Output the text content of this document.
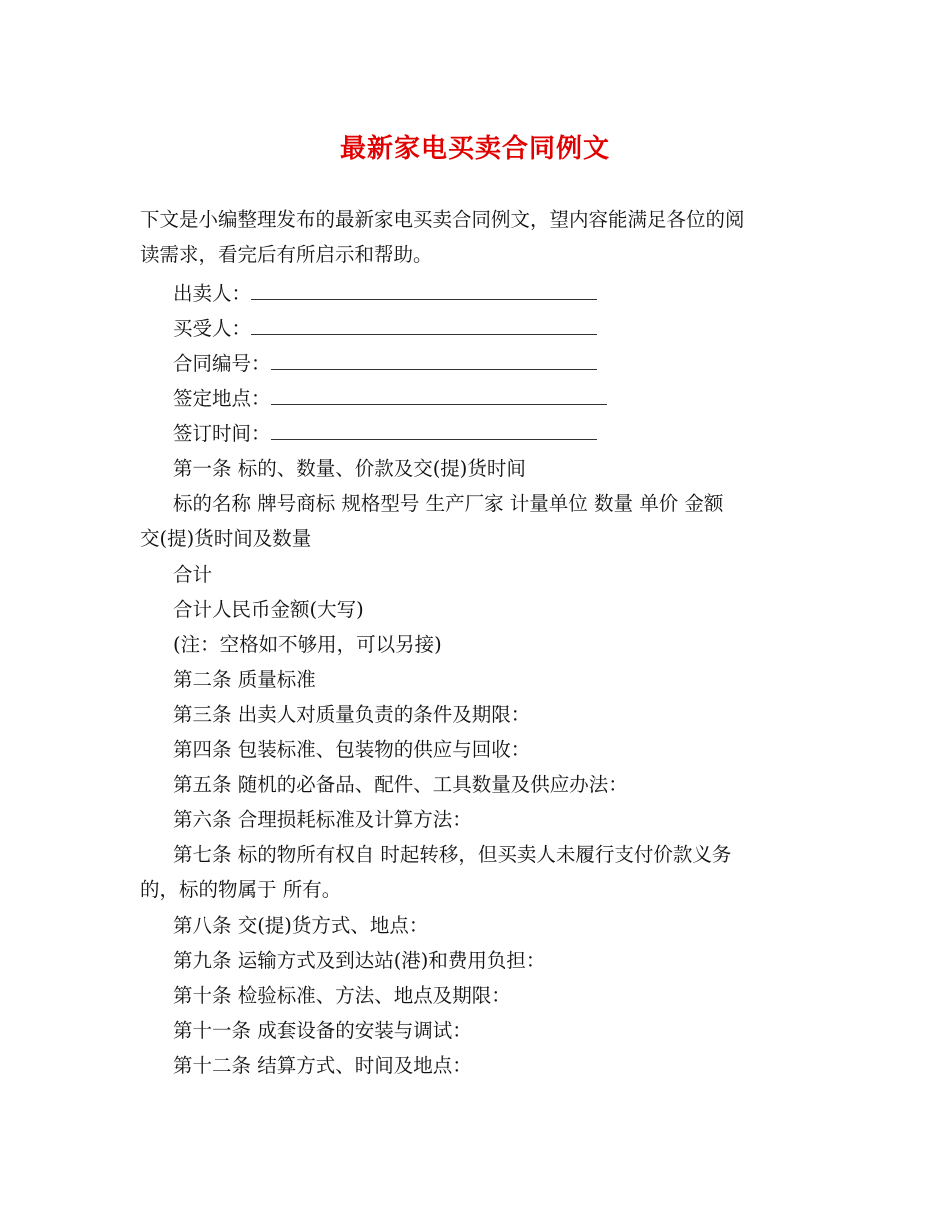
最新家电买卖合同例文
下文是小编整理发布的最新家电买卖合同例文，望内容能满足各位的阅
读需求，看完后有所启示和帮助。
出卖人：
买受人：
合同编号：
签定地点：
签订时间：
第一条 标的、数量、价款及交(提)货时间
标的名称 牌号商标 规格型号 生产厂家 计量单位 数量 单价 金额
交(提)货时间及数量
合计
合计人民币金额(大写)
(注：空格如不够用，可以另接)
第二条 质量标准
第三条 出卖人对质量负责的条件及期限：
第四条 包装标准、包装物的供应与回收：
第五条 随机的必备品、配件、工具数量及供应办法：
第六条 合理损耗标准及计算方法：
第七条 标的物所有权自 时起转移，但买卖人未履行支付价款义务
的，标的物属于 所有。
第八条 交(提)货方式、地点：
第九条 运输方式及到达站(港)和费用负担：
第十条 检验标准、方法、地点及期限：
第十一条 成套设备的安装与调试：
第十二条 结算方式、时间及地点：
